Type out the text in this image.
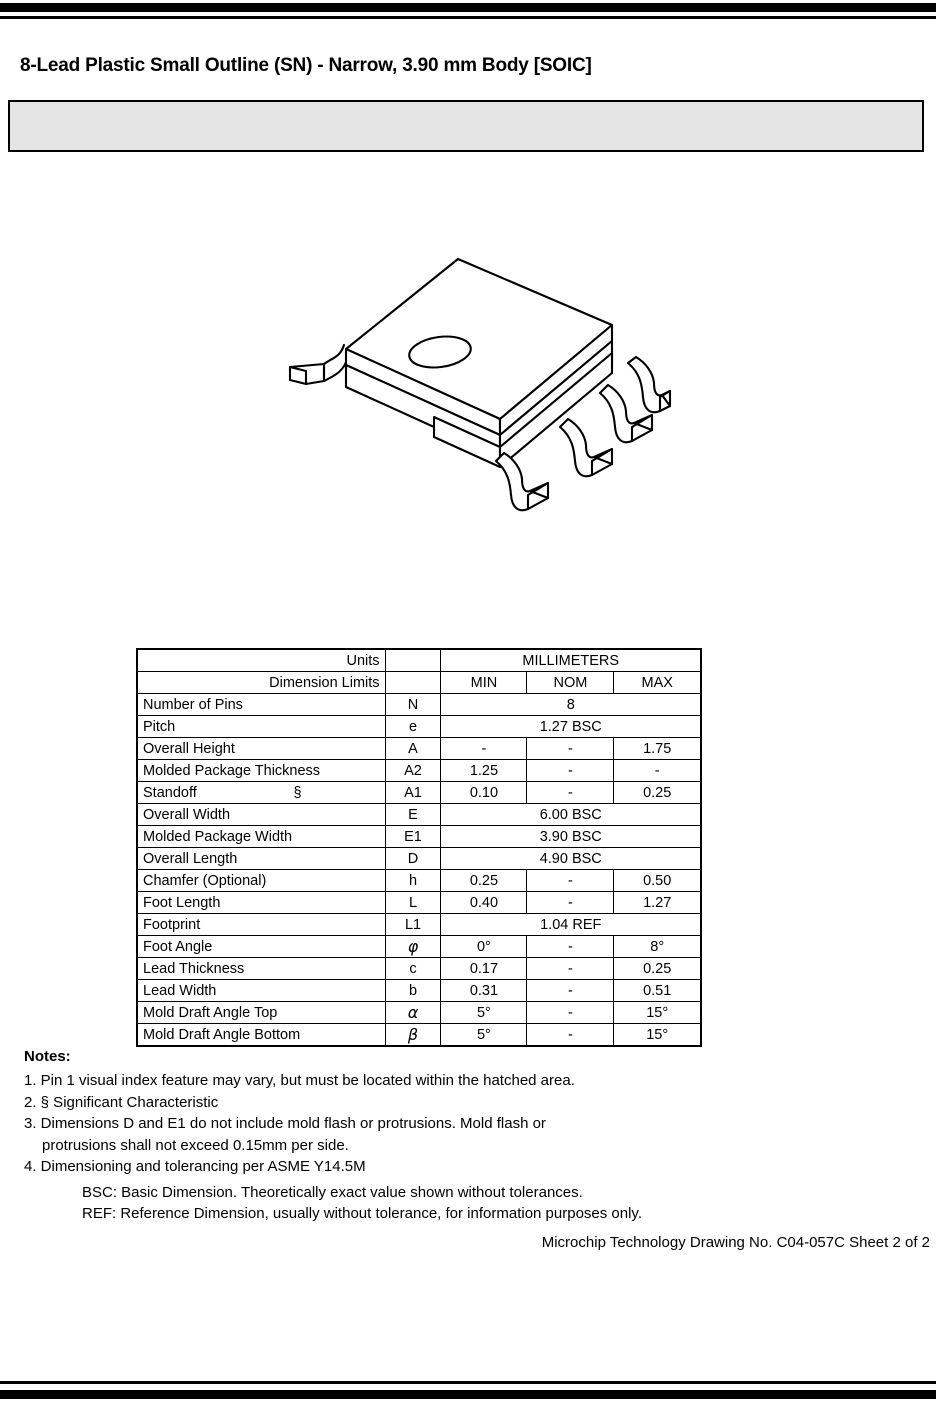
8-Lead Plastic Small Outline (SN) - Narrow, 3.90 mm Body [SOIC]
Units		MILLIMETERS		
Dimension Limits		MIN	NOM	MAX
Number of Pins	N	8		
Pitch	e	1.27 BSC		
Overall Height	A	-	-	1.75
Molded Package Thickness	A2	1.25	-	-
Standoff §	A1	0.10	-	0.25
Overall Width	E	6.00 BSC		
Molded Package Width	E1	3.90 BSC		
Overall Length	D	4.90 BSC		
Chamfer (Optional)	h	0.25	-	0.50
Foot Length	L	0.40	-	1.27
Footprint	L1	1.04 REF		
Foot Angle	φ	0°	-	8°
Lead Thickness	c	0.17	-	0.25
Lead Width	b	0.31	-	0.51
Mold Draft Angle Top	α	5°	-	15°
Mold Draft Angle Bottom	β	5°	-	15°
Notes:
1. Pin 1 visual index feature may vary, but must be located within the hatched area.
2. § Significant Characteristic
3. Dimensions D and E1 do not include mold flash or protrusions. Mold flash or
protrusions shall not exceed 0.15mm per side.
4. Dimensioning and tolerancing per ASME Y14.5M
BSC: Basic Dimension. Theoretically exact value shown without tolerances.
REF: Reference Dimension, usually without tolerance, for information purposes only.
Microchip Technology Drawing No. C04-057C Sheet 2 of 2
